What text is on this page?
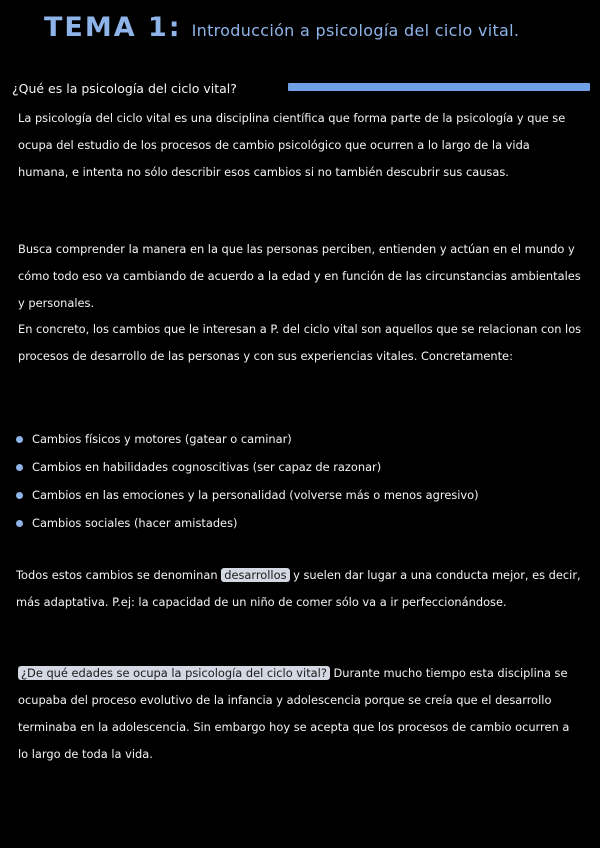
TEMA 1: Introducción a psicología del ciclo vital.
¿Qué es la psicología del ciclo vital?

La psicología del ciclo vital es una disciplina científica que forma parte de la psicología y que se ocupa del estudio de los procesos de cambio psicológico que ocurren a lo largo de la vida humana, e intenta no sólo describir esos cambios si no también descubrir sus causas.

Busca comprender la manera en la que las personas perciben, entienden y actúan en el mundo y cómo todo eso va cambiando de acuerdo a la edad y en función de las circunstancias ambientales y personales.

En concreto, los cambios que le interesan a P. del ciclo vital son aquellos que se relacionan con los procesos de desarrollo de las personas y con sus experiencias vitales. Concretamente:

Cambios físicos y motores (gatear o caminar)
Cambios en habilidades cognoscitivas (ser capaz de razonar)
Cambios en las emociones y la personalidad (volverse más o menos agresivo)
Cambios sociales (hacer amistades)

Todos estos cambios se denominan desarrollos y suelen dar lugar a una conducta mejor, es decir, más adaptativa. P.ej: la capacidad de un niño de comer sólo va a ir perfeccionándose.

¿De qué edades se ocupa la psicología del ciclo vital? Durante mucho tiempo esta disciplina se ocupaba del proceso evolutivo de la infancia y adolescencia porque se creía que el desarrollo terminaba en la adolescencia. Sin embargo hoy se acepta que los procesos de cambio ocurren a lo largo de toda la vida.
